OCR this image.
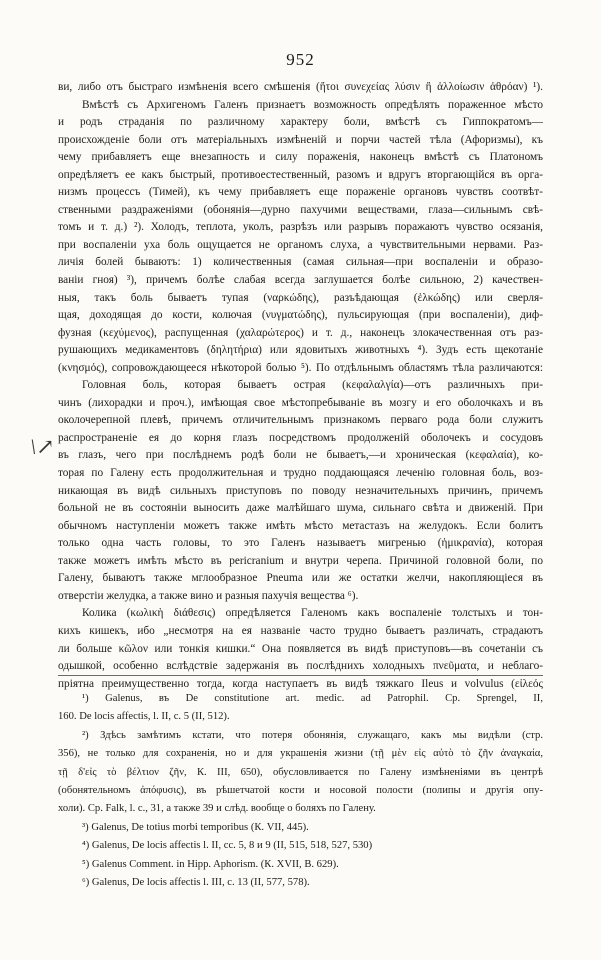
952
\↗
ви, либо отъ быстраго измѣненія всего смѣшенія (ἤτοι συνεχείας λύσιν ἢ ἀλλοίωσιν ἀθρόαν) ¹).
Вмѣстѣ съ Архигеномъ Галенъ признаетъ возможность опредѣлять пораженное мѣсто
и родъ страданія по различному характеру боли, вмѣстѣ съ Гиппократомъ—
происхожденіе боли отъ матеріальныхъ измѣненій и порчи частей тѣла (Афоризмы), къ
чему прибавляетъ еще внезапность и силу пораженія, наконецъ вмѣстѣ съ Платономъ
опредѣляетъ ее какъ быстрый, противоестественный, разомъ и вдругъ вторгающійся въ орга-
низмъ процессъ (Тимей), къ чему прибавляетъ еще пораженіе органовъ чувствъ соотвѣт-
ственными раздраженіями (обонянія—дурно пахучими веществами, глаза—сильнымъ свѣ-
томъ и т. д.) ²). Холодъ, теплота, уколъ, разрѣзъ или разрывъ поражаютъ чувство осязанія,
при воспаленіи уха боль ощущается не органомъ слуха, а чувствительными нервами. Раз-
личія болей бываютъ: 1) количественныя (самая сильная—при воспаленіи и образо-
ваніи гноя) ³), причемъ болѣе слабая всегда заглушается болѣе сильною, 2) качествен-
ныя, такъ боль бываетъ тупая (ναρκώδης), разъѣдающая (ἑλκώδης) или сверля-
щая, доходящая до кости, колючая (νυγματώδης), пульсирующая (при воспаленіи), диф-
фузная (κεχύμενος), распущенная (χαλαρώτερος) и т. д., наконецъ злокачественная отъ раз-
рушающихъ медикаментовъ (δηλητήρια) или ядовитыхъ животныхъ ⁴). Зудъ есть щекотаніе
(κνησμός), сопровождающееся нѣкоторой болью ⁵). По отдѣльнымъ областямъ тѣла различаются:
Головная боль, которая бываетъ острая (κεφαλαλγία)—отъ различныхъ при-
чинъ (лихорадки и проч.), имѣющая свое мѣстопребываніе въ мозгу и его оболочкахъ и въ
околочерепной плевѣ, причемъ отличительнымъ признакомъ перваго рода боли служитъ
распространеніе ея до корня глазъ посредствомъ продолженій оболочекъ и сосудовъ
въ глазъ, чего при послѣднемъ родѣ боли не бываетъ,—и хроническая (κεφαλαία), ко-
торая по Галену есть продолжительная и трудно поддающаяся леченію головная боль, воз-
никающая въ видѣ сильныхъ приступовъ по поводу незначительныхъ причинъ, причемъ
больной не въ состояніи выносить даже малѣйшаго шума, сильнаго свѣта и движеній. При
обычномъ наступленіи можетъ также имѣть мѣсто метастазъ на желудокъ. Если болитъ
только одна часть головы, то это Галенъ называетъ мигренью (ἡμικρανία), которая
также можетъ имѣть мѣсто въ pericranium и внутри черепа. Причиной головной боли, по
Галену, бываютъ также мглообразное Pneuma или же остатки желчи, накопляющіеся въ
отверстіи желудка, а также вино и разныя пахучія вещества ⁶).
Колика (κωλικὴ διάθεσις) опредѣляется Галеномъ какъ воспаленіе толстыхъ и тон-
кихъ кишекъ, ибо „несмотря на ея названіе часто трудно бываетъ различать, страдаютъ
ли больше κῶλον или тонкія кишки.“ Она появляется въ видѣ приступовъ—въ сочетаніи съ
одышкой, особенно вслѣдствіе задержанія въ послѣднихъ холодныхъ πνεῦματα, и неблаго-
пріятна преимущественно тогда, когда наступаетъ въ видѣ тяжкаго Ileus и volvulus (εἰλεός
¹) Galenus, въ De constitutione art. medic. ad Patrophil. Cp. Sprengel, II,
160. De locis affectis, l. II, c. 5 (II, 512).
²) Здѣсь замѣтимъ кстати, что потеря обонянія, служащаго, какъ мы видѣли (стр.
356), не только для сохраненія, но и для украшенія жизни (τῇ μὲν εἰς αὐτὸ τὸ ζῆν ἀναγκαία,
τῇ δ'εἰς τὸ βέλτιον ζῆν, К. III, 650), обусловливается по Галену измѣненіями въ центрѣ
(обонятельномъ ἀπόφυσις), въ рѣшетчатой кости и носовой полости (полипы и другія опу-
холи). Cp. Falk, l. c., 31, а также 39 и слѣд. вообще о боляхъ по Галену.
³) Galenus, De totius morbi temporibus (К. VII, 445).
⁴) Galenus, De locis affectis l. II, cc. 5, 8 и 9 (II, 515, 518, 527, 530)
⁵) Galenus Comment. in Hipp. Aphorism. (К. XVII, В. 629).
⁶) Galenus, De locis affectis l. III, c. 13 (II, 577, 578).
